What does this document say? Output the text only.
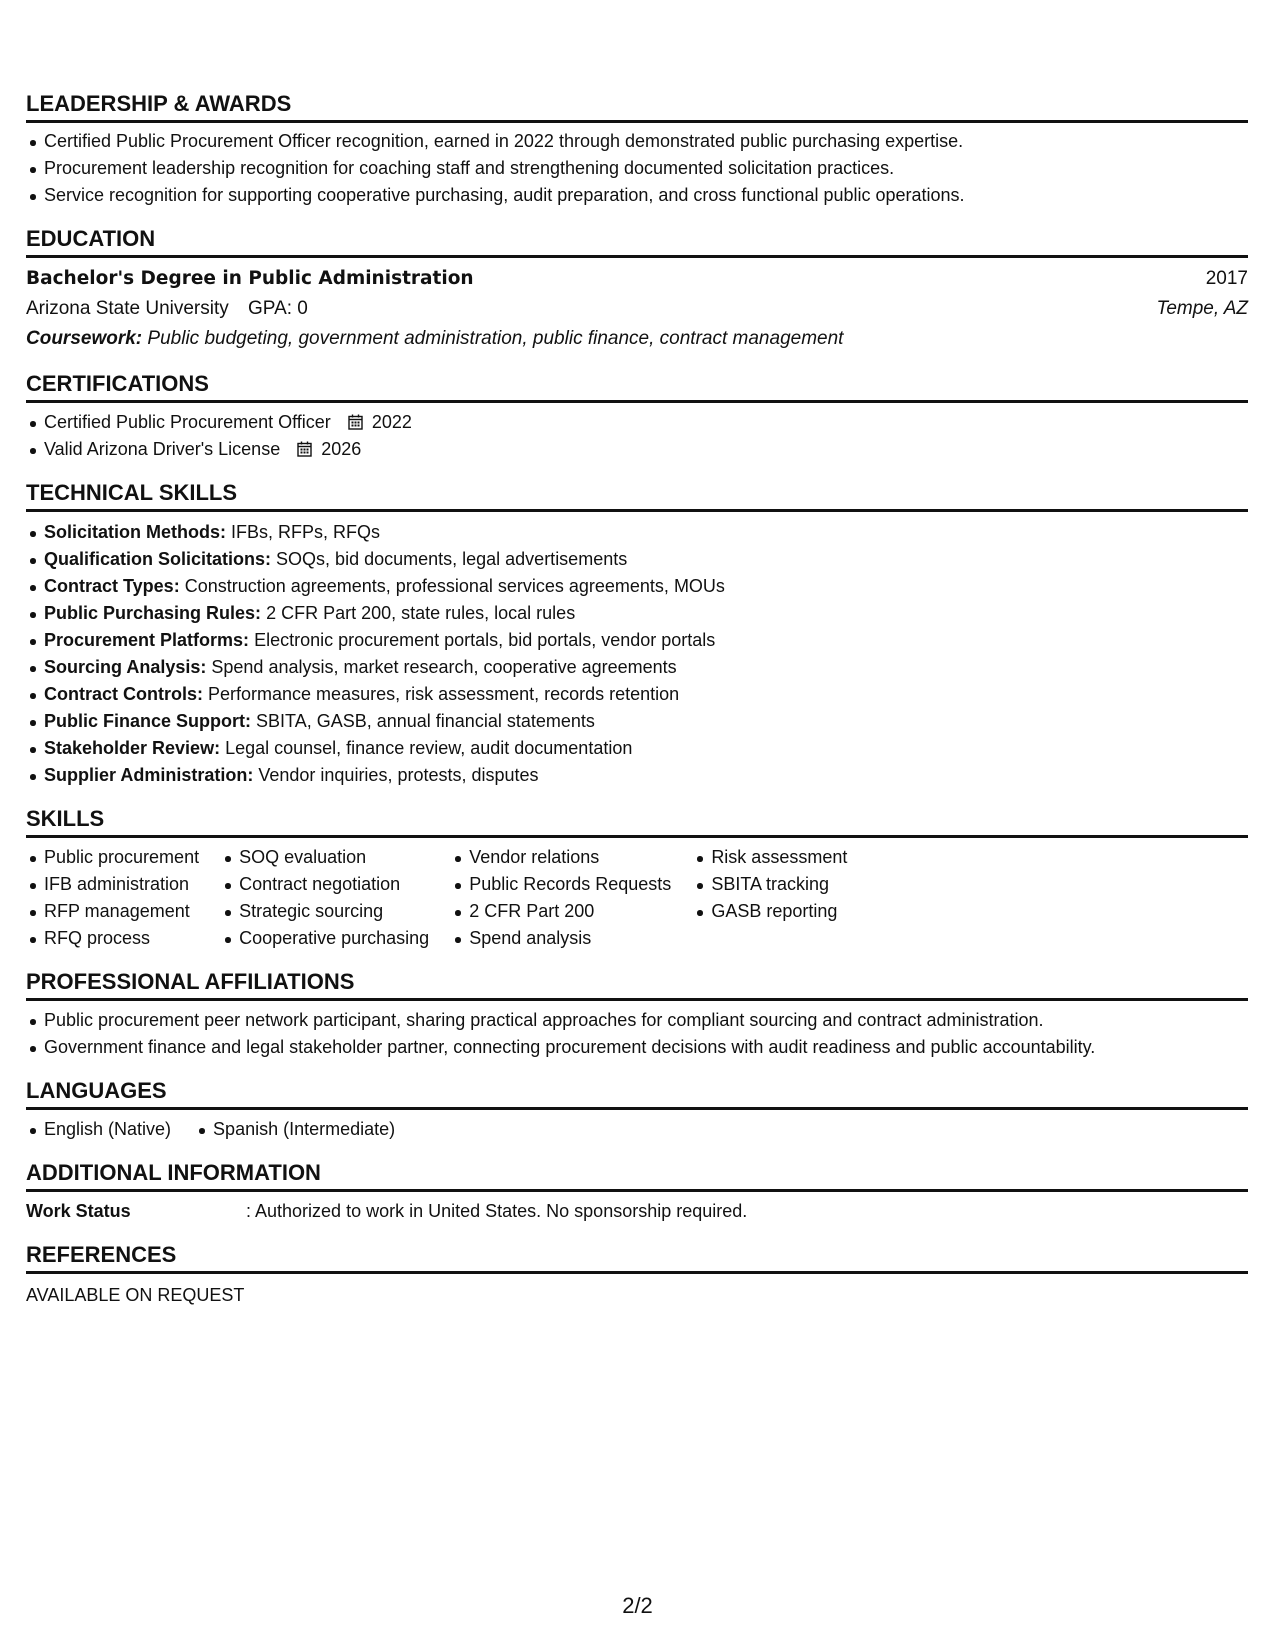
LEADERSHIP & AWARDS
Certified Public Procurement Officer recognition, earned in 2022 through demonstrated public purchasing expertise.
Procurement leadership recognition for coaching staff and strengthening documented solicitation practices.
Service recognition for supporting cooperative purchasing, audit preparation, and cross functional public operations.
EDUCATION
Bachelor's Degree in Public Administration	2017
Arizona State University GPA: 0	Tempe, AZ
Coursework: Public budgeting, government administration, public finance, contract management
CERTIFICATIONS
Certified Public Procurement Officer 2022
Valid Arizona Driver's License 2026
TECHNICAL SKILLS
Solicitation Methods: IFBs, RFPs, RFQs
Qualification Solicitations: SOQs, bid documents, legal advertisements
Contract Types: Construction agreements, professional services agreements, MOUs
Public Purchasing Rules: 2 CFR Part 200, state rules, local rules
Procurement Platforms: Electronic procurement portals, bid portals, vendor portals
Sourcing Analysis: Spend analysis, market research, cooperative agreements
Contract Controls: Performance measures, risk assessment, records retention
Public Finance Support: SBITA, GASB, annual financial statements
Stakeholder Review: Legal counsel, finance review, audit documentation
Supplier Administration: Vendor inquiries, protests, disputes
SKILLS
Public procurement
IFB administration
RFP management
RFQ process
SOQ evaluation
Contract negotiation
Strategic sourcing
Cooperative purchasing
Vendor relations
Public Records Requests
2 CFR Part 200
Spend analysis
Risk assessment
SBITA tracking
GASB reporting
PROFESSIONAL AFFILIATIONS
Public procurement peer network participant, sharing practical approaches for compliant sourcing and contract administration.
Government finance and legal stakeholder partner, connecting procurement decisions with audit readiness and public accountability.
LANGUAGES
English (Native)	Spanish (Intermediate)
ADDITIONAL INFORMATION
Work Status	: Authorized to work in United States. No sponsorship required.
REFERENCES
AVAILABLE ON REQUEST
2/2
